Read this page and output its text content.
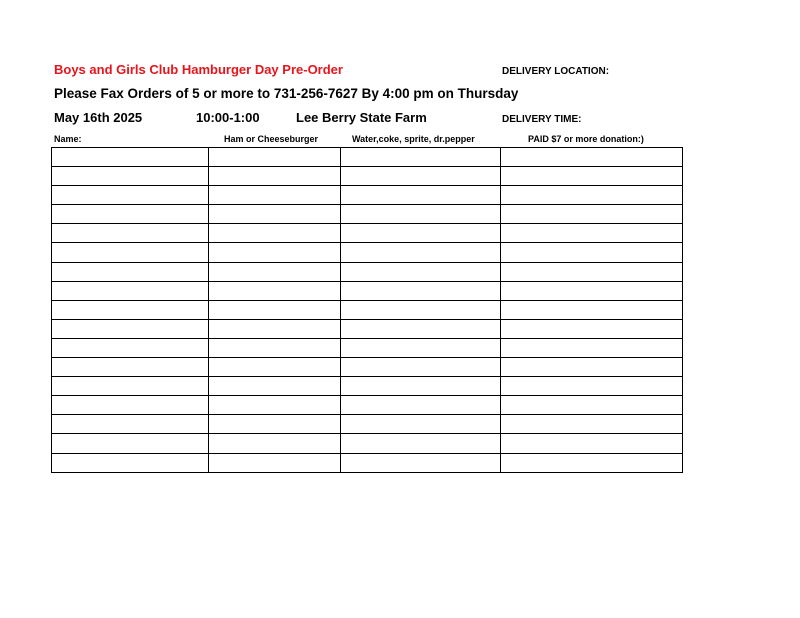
Boys and Girls Club Hamburger Day Pre-Order	DELIVERY LOCATION:
Please Fax Orders of 5 or more to 731-256-7627 By 4:00 pm on Thursday
May 16th 2025	10:00-1:00	Lee Berry State Farm	DELIVERY TIME:
Name:	Ham or Cheeseburger	Water,coke, sprite, dr.pepper	PAID $7 or more donation:)
